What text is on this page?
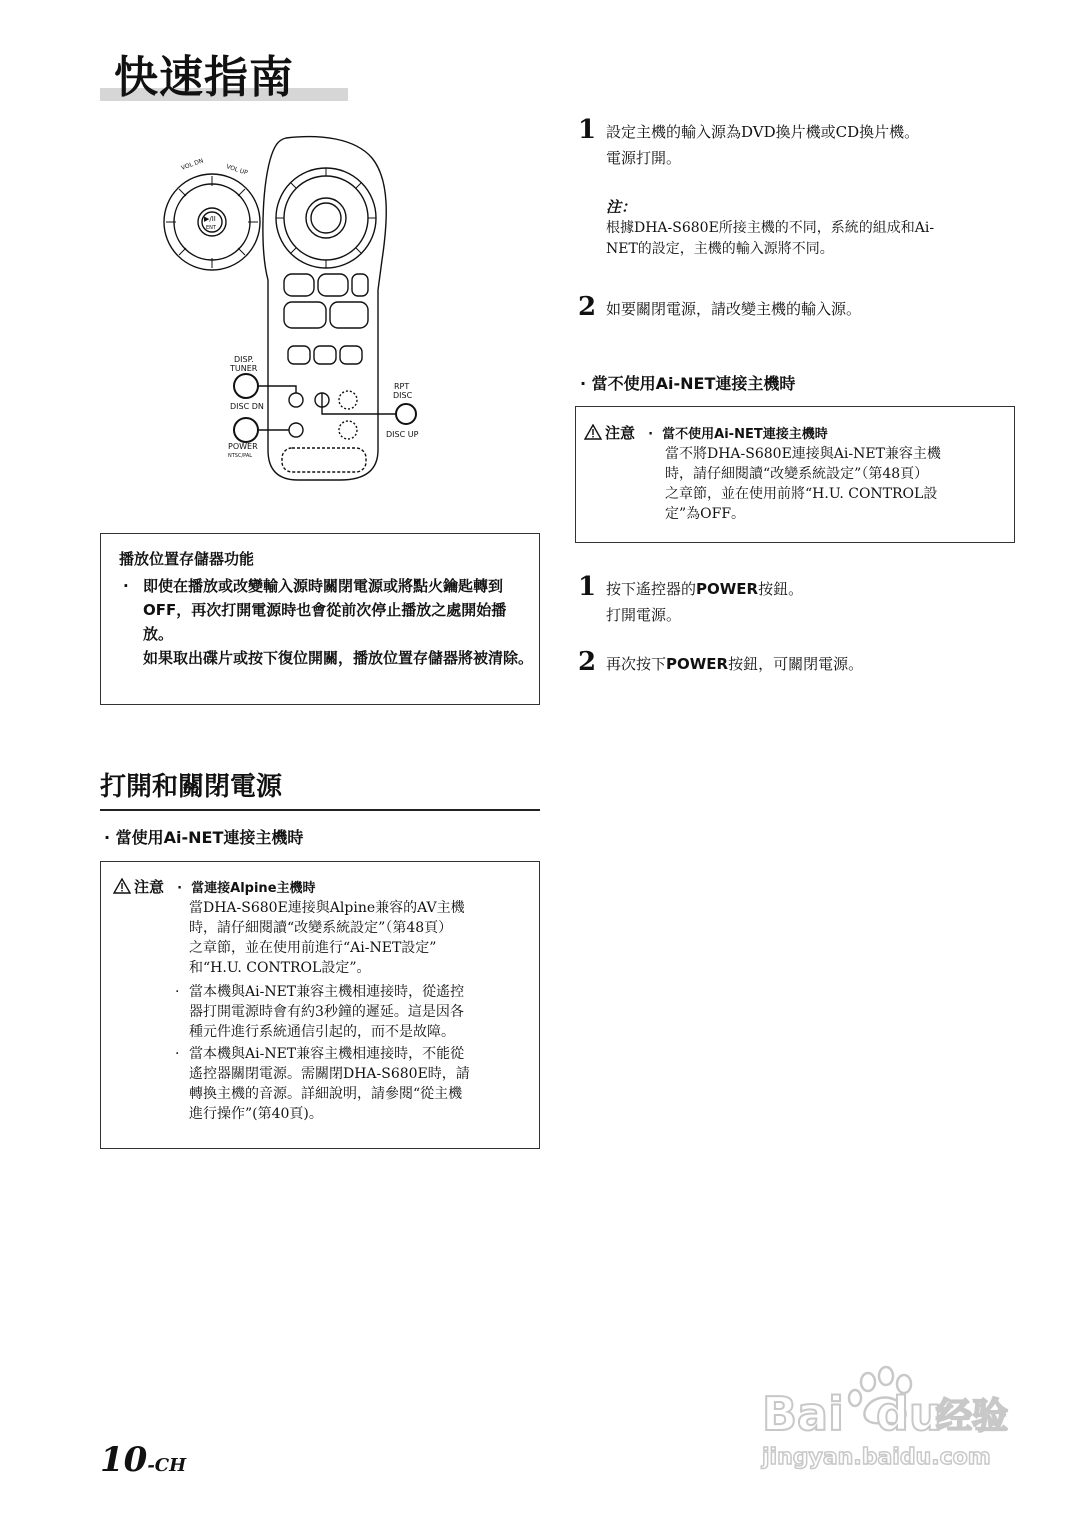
快速指南
VOL DN	VOL UP
▶/II
ENT
DISP.
TUNER
DISC DN
POWER
NTSC/PAL
RPT
DISC
DISC UP
播放位置存儲器功能
· 即使在播放或改變輸入源時關閉電源或將點火鑰匙轉到OFF，再次打開電源時也會從前次停止播放之處開始播放。
如果取出碟片或按下復位開關，播放位置存儲器將被清除。
打開和關閉電源
· 當使用Ai-NET連接主機時
注意 · 當連接Alpine主機時
當DHA-S680E連接與Alpine兼容的AV主機
時，請仔細閱讀“改變系統設定”（第48頁）
之章節，並在使用前進行“Ai-NET設定”
和“H.U. CONTROL設定”。
· 當本機與Ai-NET兼容主機相連接時，從遙控
器打開電源時會有約3秒鐘的遲延。這是因各
種元件進行系統通信引起的，而不是故障。
· 當本機與Ai-NET兼容主機相連接時，不能從
遙控器關閉電源。需關閉DHA-S680E時，請
轉換主機的音源。詳細說明，請參閱“從主機
進行操作”(第40頁)。
1 設定主機的輸入源為DVD換片機或CD換片機。
電源打開。
注：
根據DHA-S680E所接主機的不同，系統的組成和Ai-
NET的設定，主機的輸入源將不同。
2 如要關閉電源，請改變主機的輸入源。
· 當不使用Ai-NET連接主機時
注意 · 當不使用Ai-NET連接主機時
當不將DHA-S680E連接與Ai-NET兼容主機
時，請仔細閱讀“改變系統設定”（第48頁）
之章節，並在使用前將“H.U. CONTROL設
定”為OFF。
1 按下遙控器的POWER按鈕。
打開電源。
2 再次按下POWER按鈕，可關閉電源。
10-CH
Bai du
经验
jingyan.baidu.com
